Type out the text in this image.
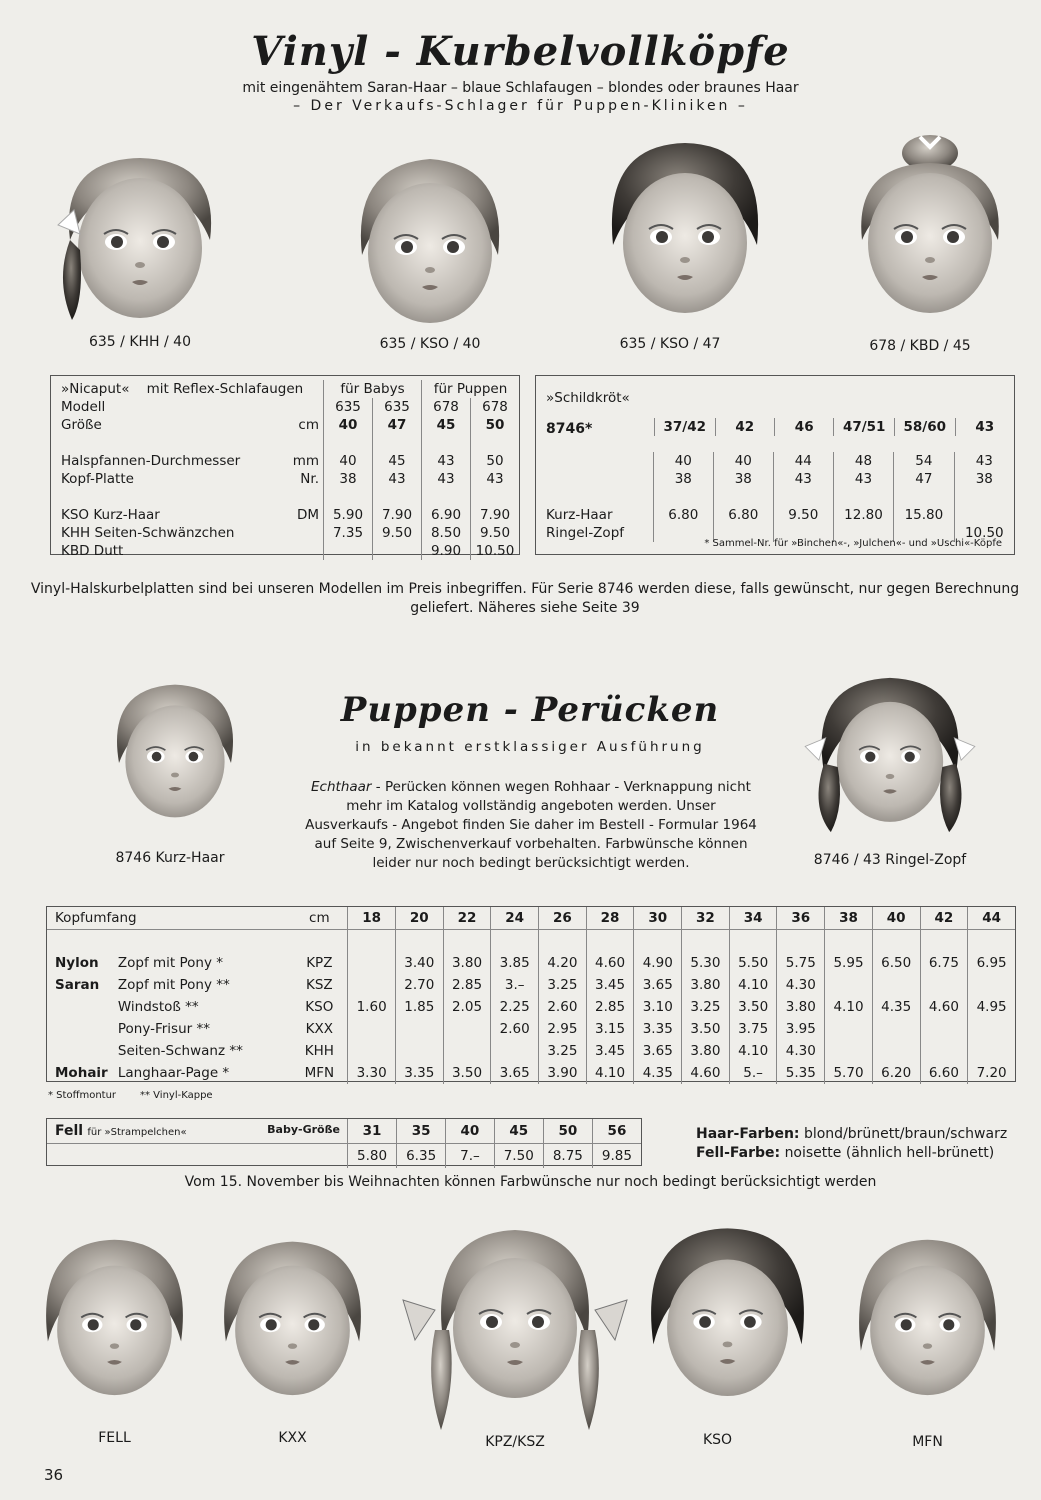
Vinyl - Kurbelvollköpfe
mit eingenähtem Saran-Haar – blaue Schlafaugen – blondes oder braunes Haar
– Der Verkaufs-Schlager für Puppen-Kliniken –
635 / KHH / 40	635 / KSO / 40	635 / KSO / 47	678 / KBD / 45
»Nicaput« mit Reflex-Schlafaugen		für Babys		für Puppen	
Modell		635	635	678	678
Größe	cm	40	47	45	50

Halspfannen-Durchmesser	mm	40	45	43	50
Kopf-Platte	Nr.	38	43	43	43

KSO Kurz-Haar	DM	5.90	7.90	6.90	7.90
KHH Seiten-Schwänzchen		7.35	9.50	8.50	9.50
KBD Dutt				9.90	10.50
»Schildkröt«
8746*	37/42	42	46	47/51	58/60	43
	40	40	44	48	54	43
	38	38	43	43	47	38

Kurz-Haar	6.80	6.80	9.50	12.80	15.80	
Ringel-Zopf						10.50
* Sammel-Nr. für »Binchen«-, »Julchen«- und »Uschi«-Köpfe
Vinyl-Halskurbelplatten sind bei unseren Modellen im Preis inbegriffen. Für Serie 8746 werden diese, falls gewünscht, nur gegen Berechnung geliefert. Näheres siehe Seite 39
8746 Kurz-Haar
Puppen - Perücken
in bekannt erstklassiger Ausführung
Echthaar - Perücken können wegen Rohhaar - Verknappung nicht mehr im Katalog vollständig angeboten werden. Unser Ausverkaufs - Angebot finden Sie daher im Bestell - Formular 1964 auf Seite 9, Zwischenverkauf vorbehalten. Farbwünsche können leider nur noch bedingt berücksichtigt werden.	8746 / 43 Ringel-Zopf
Kopfumfang		cm	18	20	22	24	26	28	30	32	34	36	38	40	42	44

Nylon	Zopf mit Pony *	KPZ		3.40	3.80	3.85	4.20	4.60	4.90	5.30	5.50	5.75	5.95	6.50	6.75	6.95
Saran	Zopf mit Pony **	KSZ		2.70	2.85	3.–	3.25	3.45	3.65	3.80	4.10	4.30				
	Windstoß **	KSO	1.60	1.85	2.05	2.25	2.60	2.85	3.10	3.25	3.50	3.80	4.10	4.35	4.60	4.95
	Pony-Frisur **	KXX				2.60	2.95	3.15	3.35	3.50	3.75	3.95				
	Seiten-Schwanz **	KHH					3.25	3.45	3.65	3.80	4.10	4.30				
Mohair	Langhaar-Page *	MFN	3.30	3.35	3.50	3.65	3.90	4.10	4.35	4.60	5.–	5.35	5.70	6.20	6.60	7.20
* Stoffmontur ** Vinyl-Kappe
Fell für »Strampelchen« Baby-Größe	31	35	40	45	50	56
	5.80	6.35	7.–	7.50	8.75	9.85
Haar-Farben: blond/brünett/braun/schwarz
Fell-Farbe: noisette (ähnlich hell-brünett)
Vom 15. November bis Weihnachten können Farbwünsche nur noch bedingt berücksichtigt werden
FELL	KXX	KPZ/KSZ	KSO	MFN
36
